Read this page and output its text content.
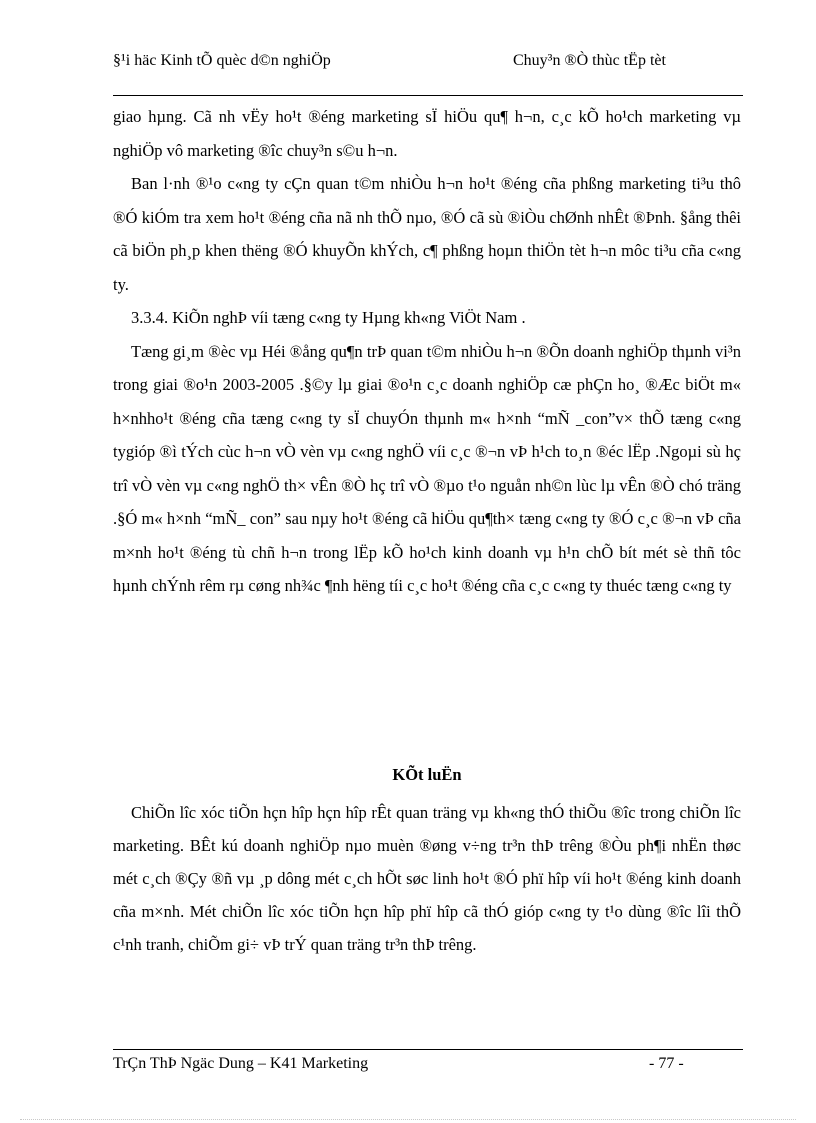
§¹i häc Kinh tÕ quèc d©n nghiÖp	Chuy³n ®Ò thùc tËp tèt

giao hµng. Cã nh vËy ho¹t ®éng marketing sÏ hiÖu qu¶ h¬n, c¸c kÕ ho¹ch marketing vµ nghiÖp vô marketing ®îc chuy³n s©u h¬n.

Ban l·nh ®¹o c«ng ty cÇn quan t©m nhiÒu h¬n ho¹t ®éng cña phßng marketing ti³u thô ®Ó kiÓm tra xem ho¹t ®éng cña nã nh thÕ nµo, ®Ó cã sù ®iÒu chØnh nhÊt ®Þnh. §ång thêi cã biÖn ph¸p khen thëng ®Ó khuyÕn khÝch, c¶ phßng hoµn thiÖn tèt h¬n môc ti³u cña c«ng ty.

3.3.4. KiÕn nghÞ víi tæng c«ng ty Hµng kh«ng ViÖt Nam .

Tæng gi¸m ®èc vµ Héi ®ång qu¶n trÞ quan t©m nhiÒu h¬n ®Õn doanh nghiÖp thµnh vi³n trong giai ®o¹n 2003-2005 .§©y lµ giai ®o¹n c¸c doanh nghiÖp cæ phÇn ho¸ ®Æc biÖt m« h×nhho¹t ®éng cña tæng c«ng ty sÏ chuyÓn thµnh m« h×nh “mÑ _con”v× thÕ tæng c«ng tygióp ®ì tÝch cùc h¬n vÒ vèn vµ c«ng nghÖ víi c¸c ®¬n vÞ h¹ch to¸n ®éc lËp .Ngoµi sù hç trî vÒ vèn vµ c«ng nghÖ th× vÊn ®Ò hç trî vÒ ®µo t¹o nguån nh©n lùc lµ vÊn ®Ò chó träng .§Ó m« h×nh “mÑ_ con” sau nµy ho¹t ®éng cã hiÖu qu¶th× tæng c«ng ty ®Ó c¸c ®¬n vÞ cña m×nh ho¹t ®éng tù chñ h¬n trong lËp kÕ ho¹ch kinh doanh vµ h¹n chÕ bít mét sè thñ tôc hµnh chÝnh rêm rµ cøng nh¾c ¶nh hëng tíi c¸c ho¹t ®éng cña c¸c c«ng ty thuéc tæng c«ng ty

KÕt luËn

ChiÕn lîc xóc tiÕn hçn hîp hçn hîp rÊt quan träng vµ kh«ng thÓ thiÕu ®îc trong chiÕn lîc marketing. BÊt kú doanh nghiÖp nµo muèn ®øng v÷ng tr³n thÞ trêng ®Òu ph¶i nhËn thøc mét c¸ch ®Çy ®ñ vµ ¸p dông mét c¸ch hÕt søc linh ho¹t ®Ó phï hîp víi ho¹t ®éng kinh doanh cña m×nh. Mét chiÕn lîc xóc tiÕn hçn hîp phï hîp cã thÓ gióp c«ng ty t¹o dùng ®îc lîi thÕ c¹nh tranh, chiÕm gi÷ vÞ trÝ quan träng tr³n thÞ trêng.

TrÇn ThÞ Ngäc Dung – K41 Marketing	- 77 -
